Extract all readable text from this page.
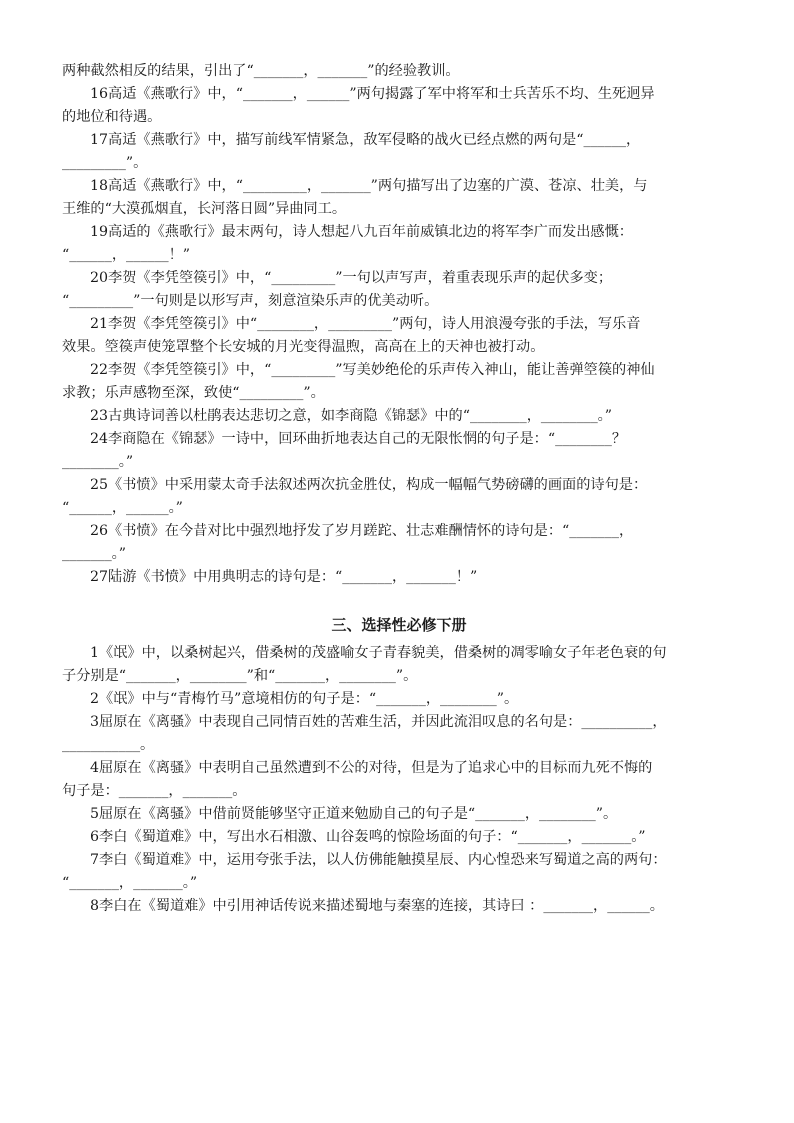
两种截然相反的结果，引出了“_______，_______”的经验教训。
16高适《燕歌行》中，“_______，______”两句揭露了军中将军和士兵苦乐不均、生死迥异
的地位和待遇。
17高适《燕歌行》中，描写前线军情紧急，敌军侵略的战火已经点燃的两句是“______，
_________”。
18高适《燕歌行》中，“_________，_______”两句描写出了边塞的广漠、苍凉、壮美，与
王维的“大漠孤烟直，长河落日圆”异曲同工。
19高适的《燕歌行》最末两句，诗人想起八九百年前威镇北边的将军李广而发出感慨：
“______，______！”
20李贺《李凭箜篌引》中，“_________”一句以声写声，着重表现乐声的起伏多变；
“_________”一句则是以形写声，刻意渲染乐声的优美动听。
21李贺《李凭箜篌引》中“________，_________”两句，诗人用浪漫夸张的手法，写乐音
效果。箜篌声使笼罩整个长安城的月光变得温煦，高高在上的天神也被打动。
22李贺《李凭箜篌引》中，“_________”写美妙绝伦的乐声传入神山，能让善弹箜篌的神仙
求教；乐声感物至深，致使“_________”。
23古典诗词善以杜鹃表达悲切之意，如李商隐《锦瑟》中的“________，________。”
24李商隐在《锦瑟》一诗中，回环曲折地表达自己的无限怅惘的句子是：“________？
________。”
25《书愤》中采用蒙太奇手法叙述两次抗金胜仗，构成一幅幅气势磅礴的画面的诗句是：
“______，______。”
26《书愤》在今昔对比中强烈地抒发了岁月蹉跎、壮志难酬情怀的诗句是：“_______，
_______。”
27陆游《书愤》中用典明志的诗句是：“_______，_______！”
三、选择性必修下册
1《氓》中，以桑树起兴，借桑树的茂盛喻女子青春貌美，借桑树的凋零喻女子年老色衰的句
子分别是“_______，________”和“_______，________”。
2《氓》中与“青梅竹马”意境相仿的句子是：“_______，________”。
3屈原在《离骚》中表现自己同情百姓的苦难生活，并因此流泪叹息的名句是：__________，
___________。
4屈原在《离骚》中表明自己虽然遭到不公的对待，但是为了追求心中的目标而九死不悔的
句子是：_______，_______。
5屈原在《离骚》中借前贤能够坚守正道来勉励自己的句子是“_______，________”。
6李白《蜀道难》中，写出水石相激、山谷轰鸣的惊险场面的句子：“_______，_______。”
7李白《蜀道难》中，运用夸张手法，以人仿佛能触摸星辰、内心惶恐来写蜀道之高的两句：
“_______，_______。”
8李白在《蜀道难》中引用神话传说来描述蜀地与秦塞的连接，其诗曰 ：_______，______。
